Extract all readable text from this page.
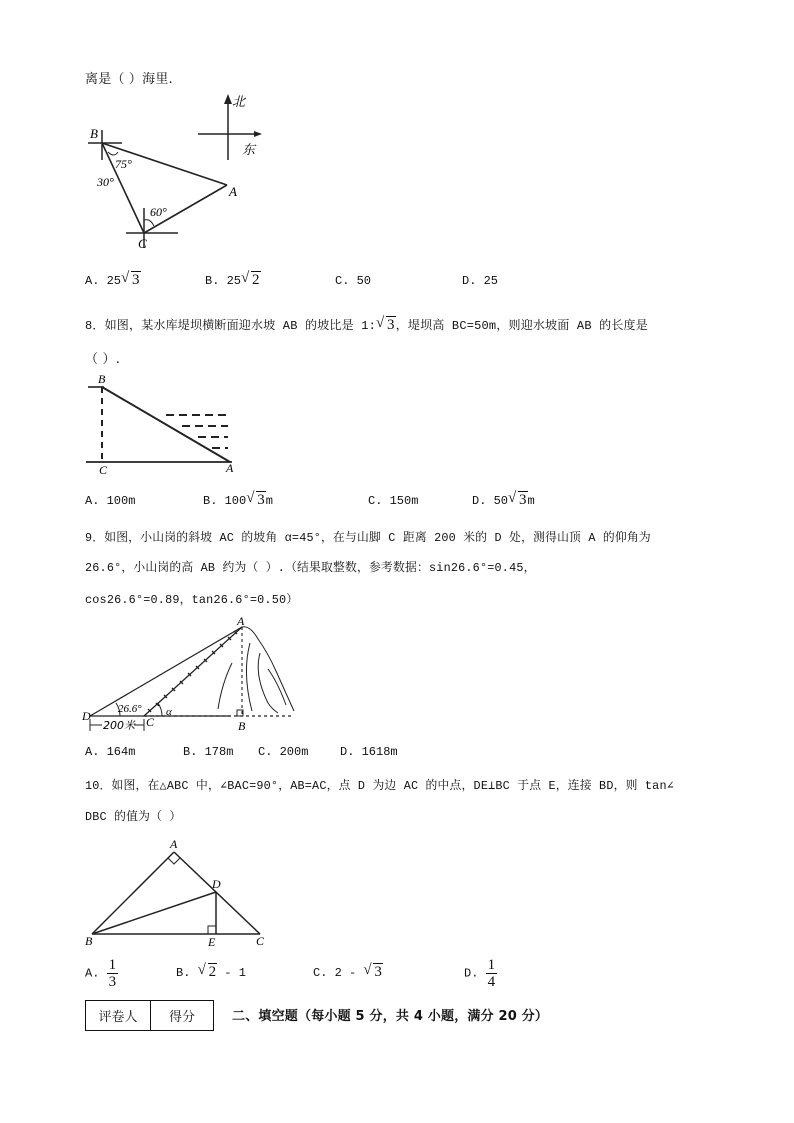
离是（ ）海里.
B
A
C
75°
30°
60°
北
东
A. 25 √ 3	B. 25 √ 2	C. 50	D. 25
8．如图，某水库堤坝横断面迎水坡 AB 的坡比是 1: √ 3，堤坝高 BC=50m，则迎水坡面 AB 的长度是
（ ）.
B
C	A
A. 100m	B. 100 √ 3m	C. 150m	D. 50 √ 3m
9．如图，小山岗的斜坡 AC 的坡角 α=45°，在与山脚 C 距离 200 米的 D 处，测得山顶 A 的仰角为
26.6°，小山岗的高 AB 约为（ ）.（结果取整数，参考数据：sin26.6°=0.45，
cos26.6°=0.89，tan26.6°=0.50）
A
B
C
D 26.6° α
200米
A. 164m	B. 178m C. 200m	D. 1618m
10．如图，在△ABC 中，∠BAC=90°，AB=AC，点 D 为边 AC 的中点，DE⊥BC 于点 E，连接 BD，则 tan∠
DBC 的值为（ ）
A
B	C
D
E
A. $\frac{1}{3}$	B. √ 2 - 1	C. 2 - √ 3	D. $\frac{1}{4}$
评卷人	得分	二、填空题（每小题 5 分，共 4 小题，满分 20 分）
